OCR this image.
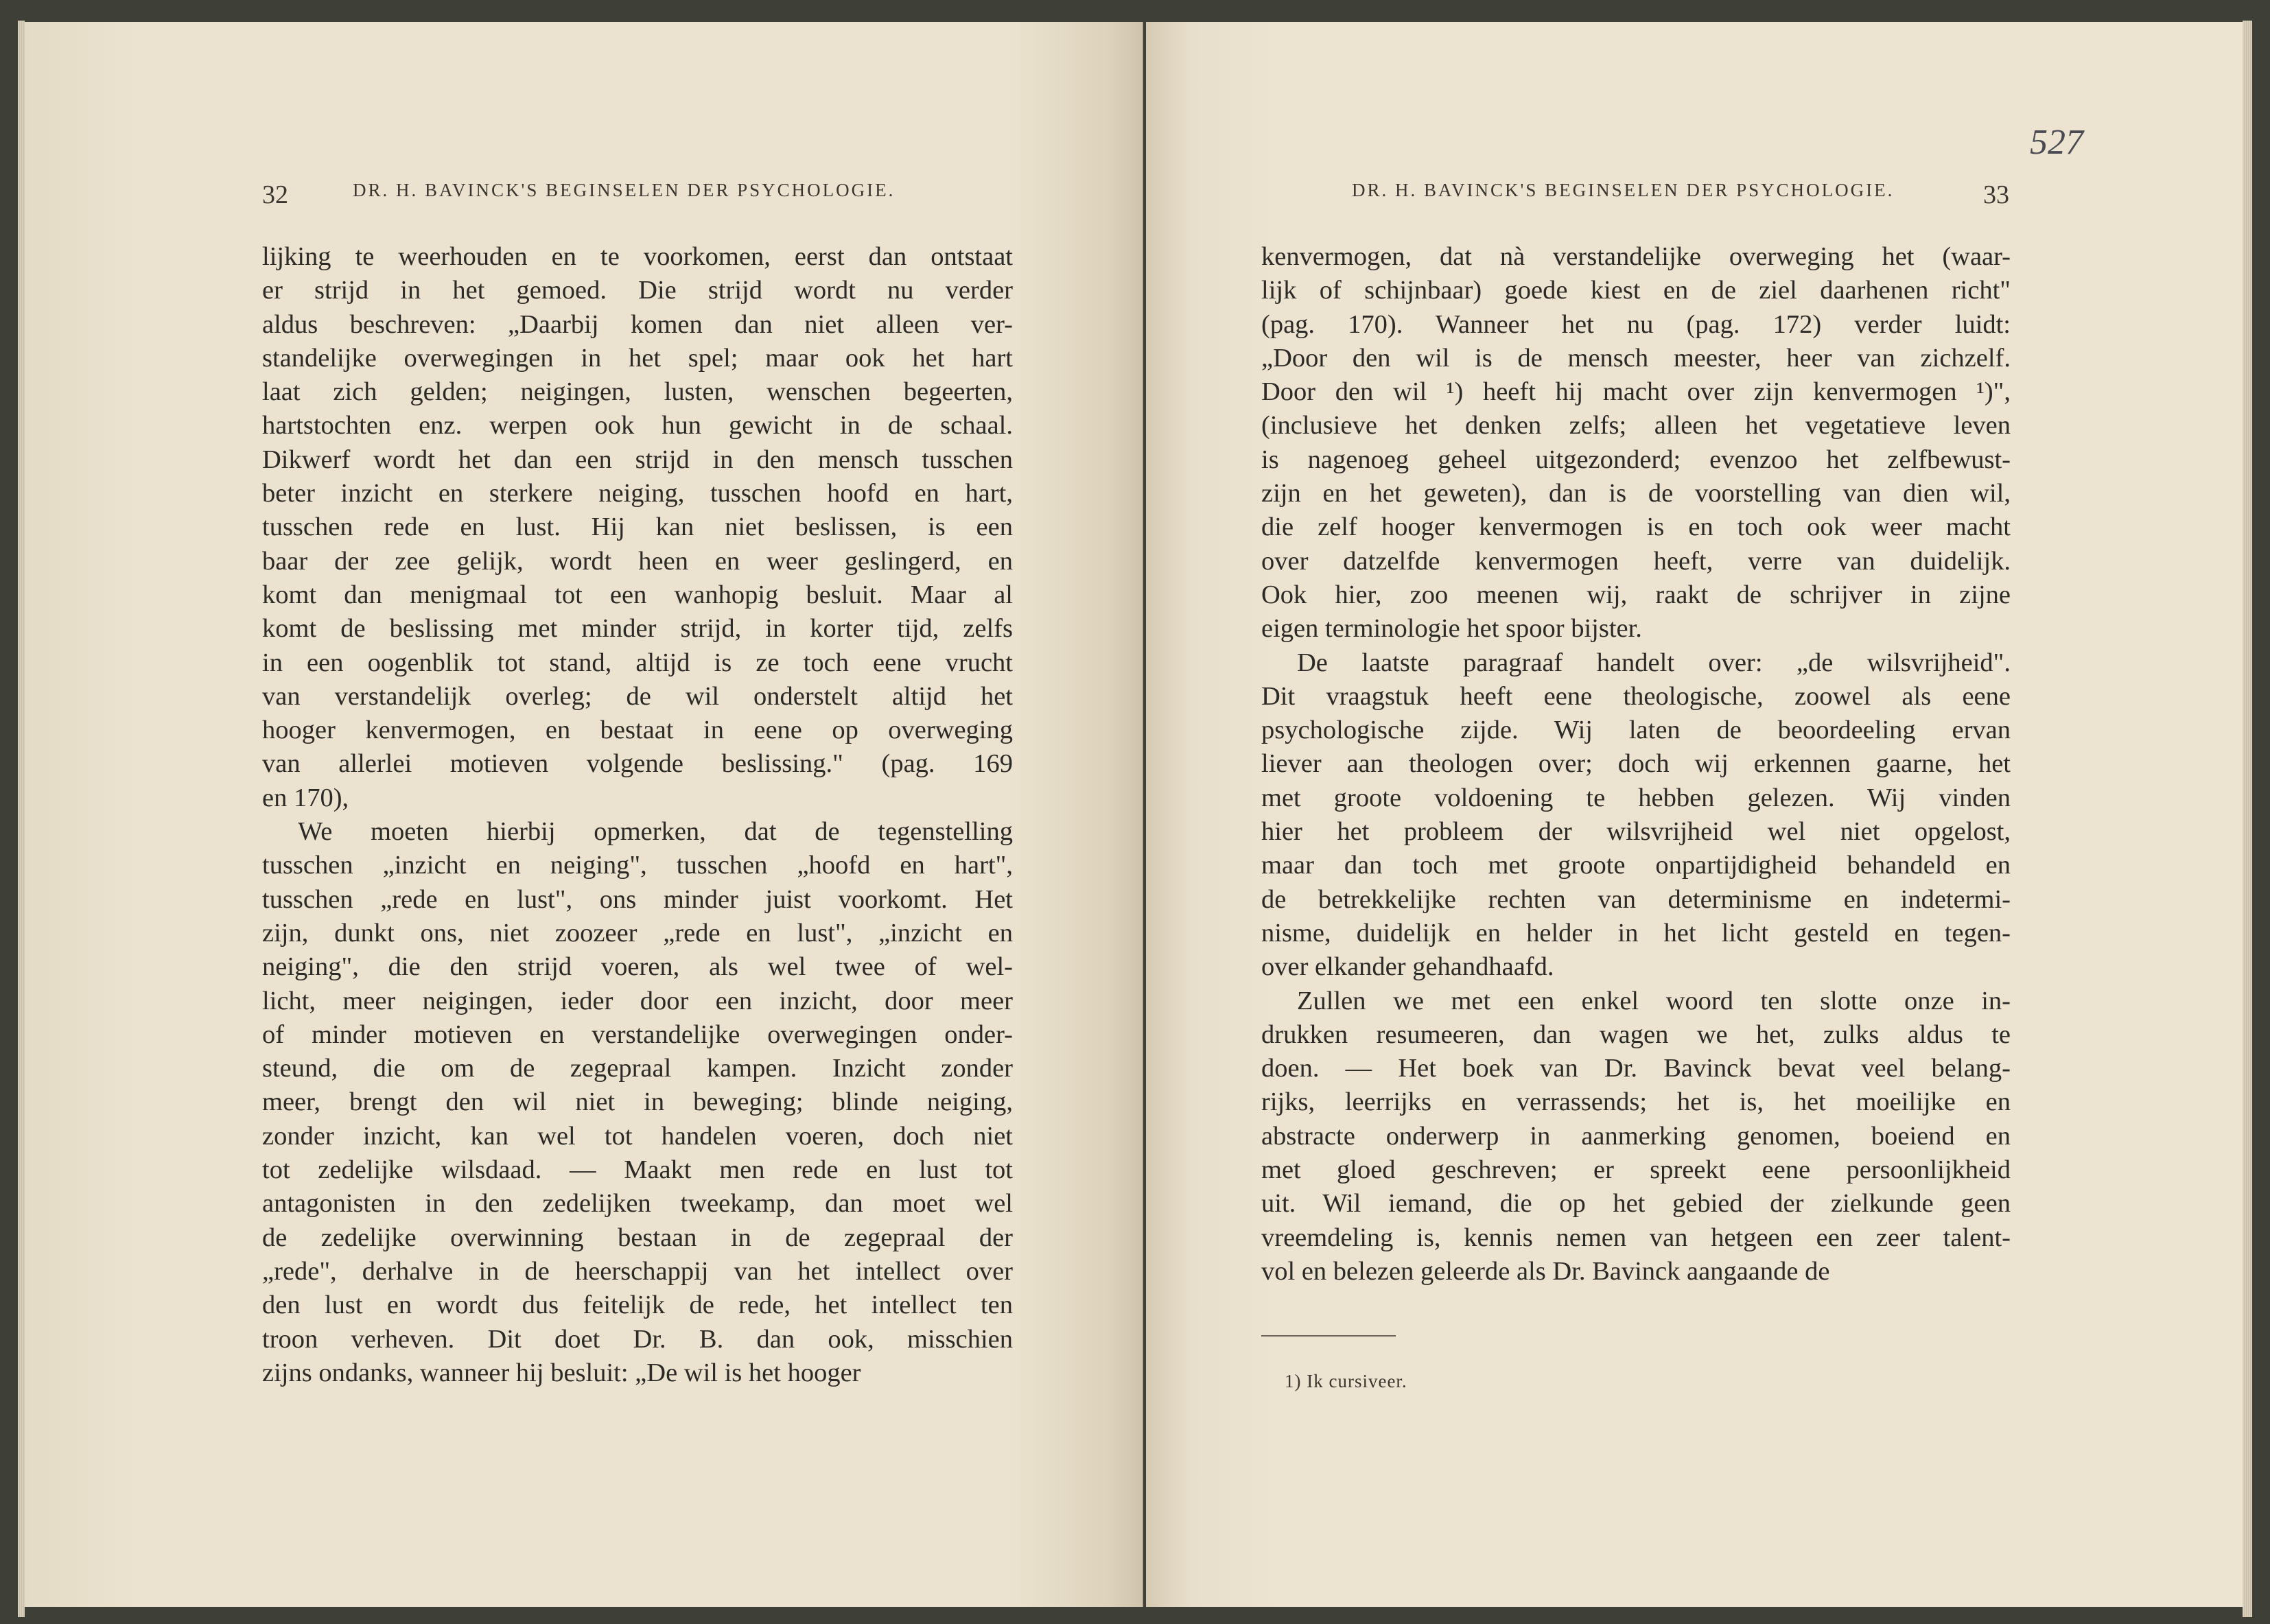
32	DR. H. BAVINCK'S BEGINSELEN DER PSYCHOLOGIE.	DR. H. BAVINCK'S BEGINSELEN DER PSYCHOLOGIE.	33
527
lijking te weerhouden en te voorkomen, eerst dan ontstaat
er strijd in het gemoed. Die strijd wordt nu verder
aldus beschreven: „Daarbij komen dan niet alleen ver-
standelijke overwegingen in het spel; maar ook het hart
laat zich gelden; neigingen, lusten, wenschen begeerten,
hartstochten enz. werpen ook hun gewicht in de schaal.
Dikwerf wordt het dan een strijd in den mensch tusschen
beter inzicht en sterkere neiging, tusschen hoofd en hart,
tusschen rede en lust. Hij kan niet beslissen, is een
baar der zee gelijk, wordt heen en weer geslingerd, en
komt dan menigmaal tot een wanhopig besluit. Maar al
komt de beslissing met minder strijd, in korter tijd, zelfs
in een oogenblik tot stand, altijd is ze toch eene vrucht
van verstandelijk overleg; de wil onderstelt altijd het
hooger kenvermogen, en bestaat in eene op overweging
van allerlei motieven volgende beslissing." (pag. 169
en 170),
We moeten hierbij opmerken, dat de tegenstelling
tusschen „inzicht en neiging", tusschen „hoofd en hart",
tusschen „rede en lust", ons minder juist voorkomt. Het
zijn, dunkt ons, niet zoozeer „rede en lust", „inzicht en
neiging", die den strijd voeren, als wel twee of wel-
licht, meer neigingen, ieder door een inzicht, door meer
of minder motieven en verstandelijke overwegingen onder-
steund, die om de zegepraal kampen. Inzicht zonder
meer, brengt den wil niet in beweging; blinde neiging,
zonder inzicht, kan wel tot handelen voeren, doch niet
tot zedelijke wilsdaad. — Maakt men rede en lust tot
antagonisten in den zedelijken tweekamp, dan moet wel
de zedelijke overwinning bestaan in de zegepraal der
„rede", derhalve in de heerschappij van het intellect over
den lust en wordt dus feitelijk de rede, het intellect ten
troon verheven. Dit doet Dr. B. dan ook, misschien
zijns ondanks, wanneer hij besluit: „De wil is het hooger
kenvermogen, dat nà verstandelijke overweging het (waar-
lijk of schijnbaar) goede kiest en de ziel daarhenen richt"
(pag. 170). Wanneer het nu (pag. 172) verder luidt:
„Door den wil is de mensch meester, heer van zichzelf.
Door den wil ¹) heeft hij macht over zijn kenvermogen ¹)",
(inclusieve het denken zelfs; alleen het vegetatieve leven
is nagenoeg geheel uitgezonderd; evenzoo het zelfbewust-
zijn en het geweten), dan is de voorstelling van dien wil,
die zelf hooger kenvermogen is en toch ook weer macht
over datzelfde kenvermogen heeft, verre van duidelijk.
Ook hier, zoo meenen wij, raakt de schrijver in zijne
eigen terminologie het spoor bijster.
De laatste paragraaf handelt over: „de wilsvrijheid".
Dit vraagstuk heeft eene theologische, zoowel als eene
psychologische zijde. Wij laten de beoordeeling ervan
liever aan theologen over; doch wij erkennen gaarne, het
met groote voldoening te hebben gelezen. Wij vinden
hier het probleem der wilsvrijheid wel niet opgelost,
maar dan toch met groote onpartijdigheid behandeld en
de betrekkelijke rechten van determinisme en indetermi-
nisme, duidelijk en helder in het licht gesteld en tegen-
over elkander gehandhaafd.
Zullen we met een enkel woord ten slotte onze in-
drukken resumeeren, dan wagen we het, zulks aldus te
doen. — Het boek van Dr. Bavinck bevat veel belang-
rijks, leerrijks en verrassends; het is, het moeilijke en
abstracte onderwerp in aanmerking genomen, boeiend en
met gloed geschreven; er spreekt eene persoonlijkheid
uit. Wil iemand, die op het gebied der zielkunde geen
vreemdeling is, kennis nemen van hetgeen een zeer talent-
vol en belezen geleerde als Dr. Bavinck aangaande de
1) Ik cursiveer.
